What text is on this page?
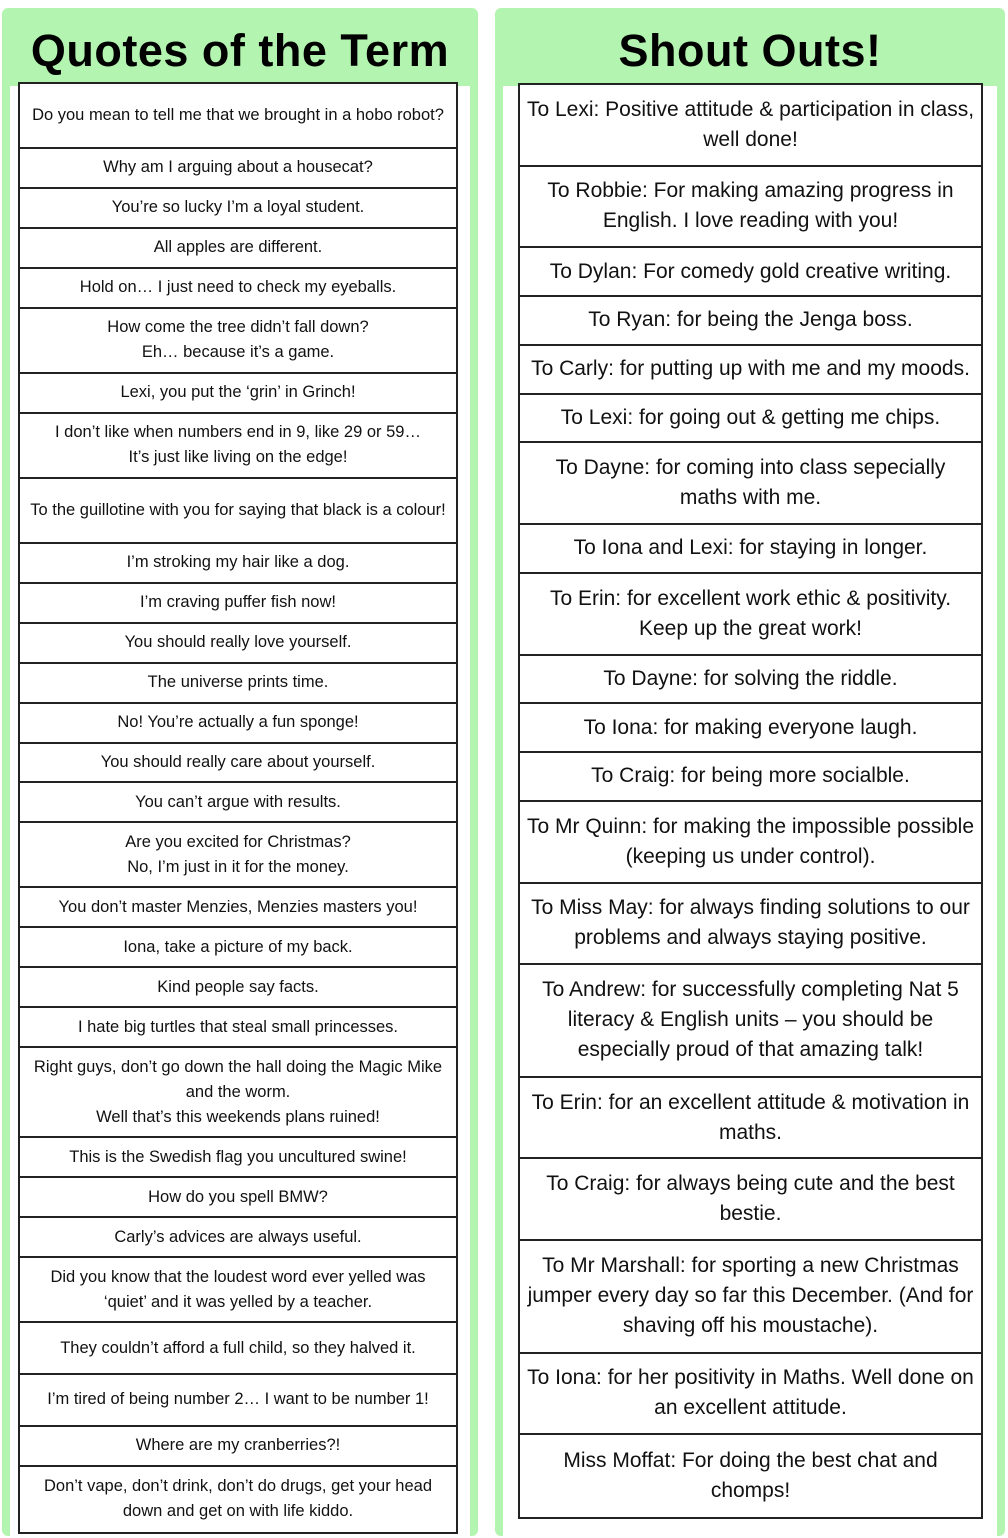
Quotes of the Term	Shout Outs!
Do you mean to tell me that we brought in a hobo robot?
Why am I arguing about a housecat?
You’re so lucky I’m a loyal student.
All apples are different.
Hold on… I just need to check my eyeballs.
How come the tree didn’t fall down?
Eh… because it’s a game.
Lexi, you put the ‘grin’ in Grinch!
I don’t like when numbers end in 9, like 29 or 59…
It’s just like living on the edge!
To the guillotine with you for saying that black is a colour!
I’m stroking my hair like a dog.
I’m craving puffer fish now!
You should really love yourself.
The universe prints time.
No! You’re actually a fun sponge!
You should really care about yourself.
You can’t argue with results.
Are you excited for Christmas?
No, I’m just in it for the money.
You don’t master Menzies, Menzies masters you!
Iona, take a picture of my back.
Kind people say facts.
I hate big turtles that steal small princesses.
Right guys, don’t go down the hall doing the Magic Mike and the worm.
Well that’s this weekends plans ruined!
This is the Swedish flag you uncultured swine!
How do you spell BMW?
Carly’s advices are always useful.
Did you know that the loudest word ever yelled was ‘quiet’ and it was yelled by a teacher.
They couldn’t afford a full child, so they halved it.
I’m tired of being number 2… I want to be number 1!
Where are my cranberries?!
Don’t vape, don’t drink, don’t do drugs, get your head down and get on with life kiddo.
To Lexi: Positive attitude & participation in class, well done!
To Robbie: For making amazing progress in English. I love reading with you!
To Dylan: For comedy gold creative writing.
To Ryan: for being the Jenga boss.
To Carly: for putting up with me and my moods.
To Lexi: for going out & getting me chips.
To Dayne: for coming into class sepecially maths with me.
To Iona and Lexi: for staying in longer.
To Erin: for excellent work ethic & positivity. Keep up the great work!
To Dayne: for solving the riddle.
To Iona: for making everyone laugh.
To Craig: for being more socialble.
To Mr Quinn: for making the impossible possible (keeping us under control).
To Miss May: for always finding solutions to our problems and always staying positive.
To Andrew: for successfully completing Nat 5 literacy & English units – you should be especially proud of that amazing talk!
To Erin: for an excellent attitude & motivation in maths.
To Craig: for always being cute and the best bestie.
To Mr Marshall: for sporting a new Christmas jumper every day so far this December. (And for shaving off his moustache).
To Iona: for her positivity in Maths. Well done on an excellent attitude.
Miss Moffat: For doing the best chat and chomps!
